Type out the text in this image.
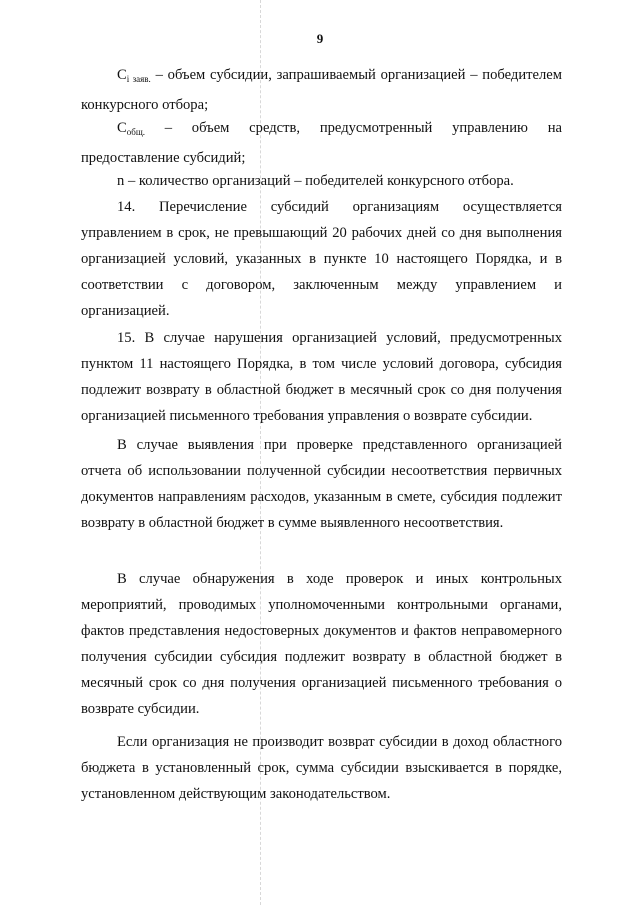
9
$C_{i заяв.}$ – объем субсидии, запрашиваемый организацией – победителем конкурсного отбора;
$C_{общ.}$ – объем средств, предусмотренный управлению на
предоставление субсидий;
n – количество организаций – победителей конкурсного отбора.
14. Перечисление субсидий организациям осуществляется управлением в срок, не превышающий 20 рабочих дней со дня выполнения организацией условий, указанных в пункте 10 настоящего Порядка, и в соответствии с договором, заключенным между управлением и организацией.
15. В случае нарушения организацией условий, предусмотренных пунктом 11 настоящего Порядка, в том числе условий договора, субсидия подлежит возврату в областной бюджет в месячный срок со дня получения организацией письменного требования управления о возврате субсидии.
В случае выявления при проверке представленного организацией отчета об использовании полученной субсидии несоответствия первичных документов направлениям расходов, указанным в смете, субсидия подлежит возврату в областной бюджет в сумме выявленного несоответствия.
В случае обнаружения в ходе проверок и иных контрольных мероприятий, проводимых уполномоченными контрольными органами, фактов представления недостоверных документов и фактов неправомерного получения субсидии субсидия подлежит возврату в областной бюджет в месячный срок со дня получения организацией письменного требования о возврате субсидии.
Если организация не производит возврат субсидии в доход областного бюджета в установленный срок, сумма субсидии взыскивается в порядке, установленном действующим законодательством.
